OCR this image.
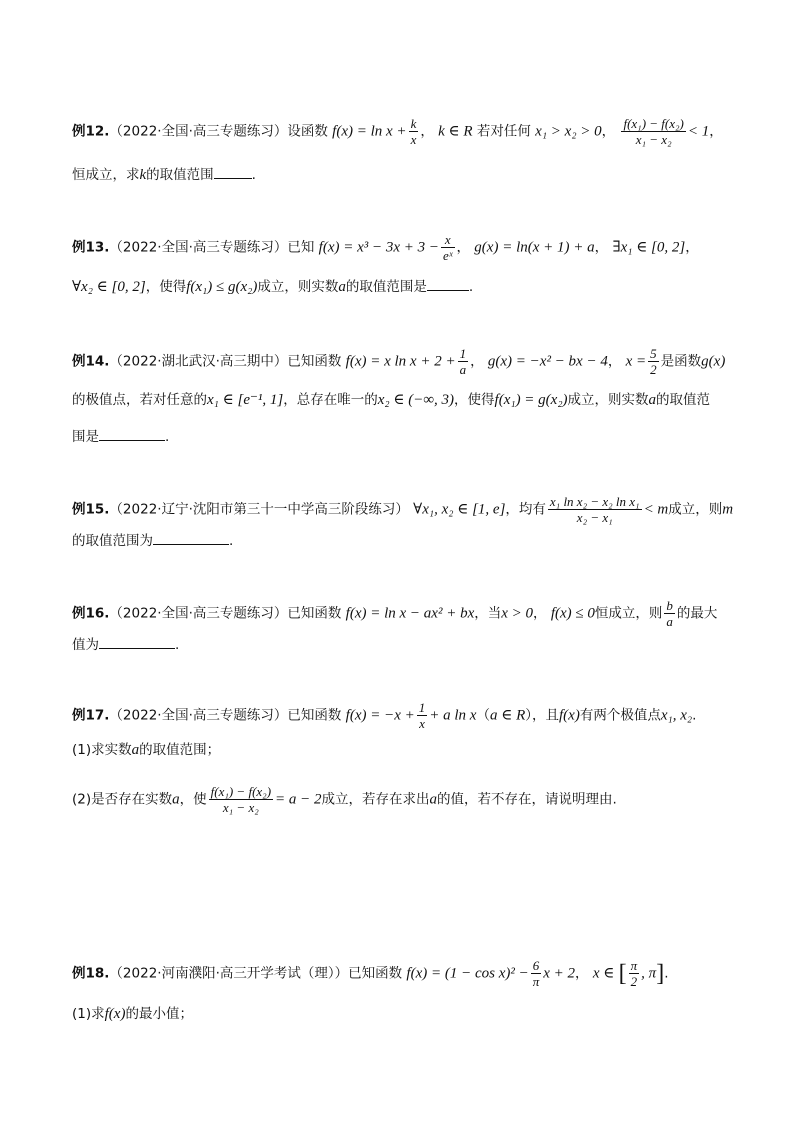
例12.（2022·全国·高三专题练习）设函数 $f(x) = \ln x + \frac{k}{x}$ ， k ∈ R 若对任何 x₁ > x₂ > 0， $\frac{\text{f(x₁) − f(x₂)}}{\text{x₁ − x₂}} < 1$，
恒成立，求k的取值范围	.
例13.（2022·全国·高三专题练习）已知 $f(x) = x^3 - 3x + 3 - \frac{x}{\text{eˣ}}$ ， g(x) = ln(x + 1) + a， ∃x₁ ∈ [0, 2]，
∀x₂ ∈ [0, 2]，使得f(x₁) ≤ g(x₂)成立，则实数a的取值范围是	.
例14.（2022·湖北武汉·高三期中）已知函数 f(x) = x $\ln x + 2 + \frac{1}{a}$ ， g(x) = −x² − bx − 4， $x = \frac{5}{2}$ 是函数g(x)
的极值点，若对任意的x₁ ∈ [e⁻¹, 1]，总存在唯一的x₂ ∈ (−∞, 3)，使得f(x₁) = g(x₂)成立，则实数a的取值范
围是	.
例15.（2022·辽宁·沈阳市第三十一中学高三阶段练习） ∀x₁, x₂ ∈ [1, e]，均有 $\frac{\text{x₁ ln x₂ − x₂ ln x₁}}{\text{x₂ − x₁}} < m$成立，则m
的取值范围为	.
例16.（2022·全国·高三专题练习）已知函数 f(x) = ln x − ax² + bx，当x > 0， f(x) ≤ 0恒成立，则 $\frac{b}{a}$ 的最大
值为	.
例17.（2022·全国·高三专题练习）已知函数 $f(x) = -x + \frac{1}{x} + a$ ln x（a ∈ R），且f(x)有两个极值点x₁, x₂.
(1)求实数a的取值范围；
(2)是否存在实数a，使 $\frac{\text{f(x₁) − f(x₂)}}{\text{x₁ − x₂}} = a - 2$成立，若存在求出a的值，若不存在，请说明理由.
例18.（2022·河南濮阳·高三开学考试（理））已知函数 $f(x) = (1 - \cos x)^2 - \frac{6}{\pi}$ x + 2， x ∈ [ $\frac{\pi}{2}$ , π].
(1)求f(x)的最小值；
